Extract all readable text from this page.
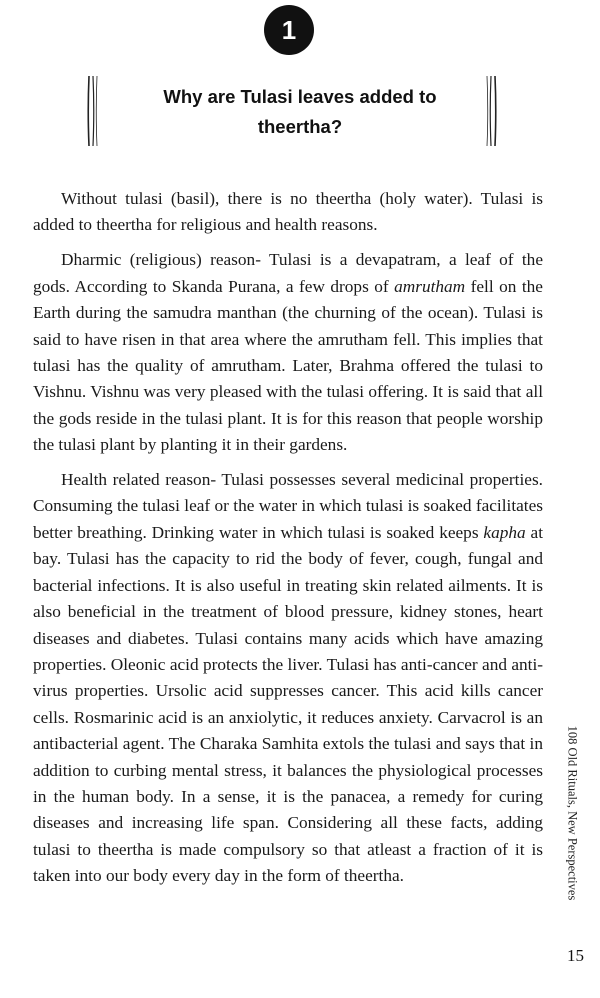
1
Why are Tulasi leaves added to theertha?

Without tulasi (basil), there is no theertha (holy water). Tulasi is added to theertha for religious and health reasons.

Dharmic (religious) reason- Tulasi is a devapatram, a leaf of the gods. According to Skanda Purana, a few drops of amrutham fell on the Earth during the samudra manthan (the churning of the ocean). Tulasi is said to have risen in that area where the amrutham fell. This implies that tulasi has the quality of amrutham. Later, Brahma offered the tulasi to Vishnu. Vishnu was very pleased with the tulasi offering. It is said that all the gods reside in the tulasi plant. It is for this reason that people worship the tulasi plant by planting it in their gardens.

Health related reason- Tulasi possesses several medicinal properties. Consuming the tulasi leaf or the water in which tulasi is soaked facilitates better breathing. Drinking water in which tulasi is soaked keeps kapha at bay. Tulasi has the capacity to rid the body of fever, cough, fungal and bacterial infections. It is also useful in treating skin related ailments. It is also beneficial in the treatment of blood pressure, kidney stones, heart diseases and diabetes. Tulasi contains many acids which have amazing properties. Oleonic acid protects the liver. Tulasi has anti-cancer and anti-virus properties. Ursolic acid suppresses cancer. This acid kills cancer cells. Rosmarinic acid is an anxiolytic, it reduces anxiety. Carvacrol is an antibacterial agent. The Charaka Samhita extols the tulasi and says that in addition to curbing mental stress, it balances the physiological processes in the human body. In a sense, it is the panacea, a remedy for curing diseases and increasing life span. Considering all these facts, adding tulasi to theertha is made compulsory so that atleast a fraction of it is taken into our body every day in the form of theertha.	108 Old Rituals, New Perspectives
15
